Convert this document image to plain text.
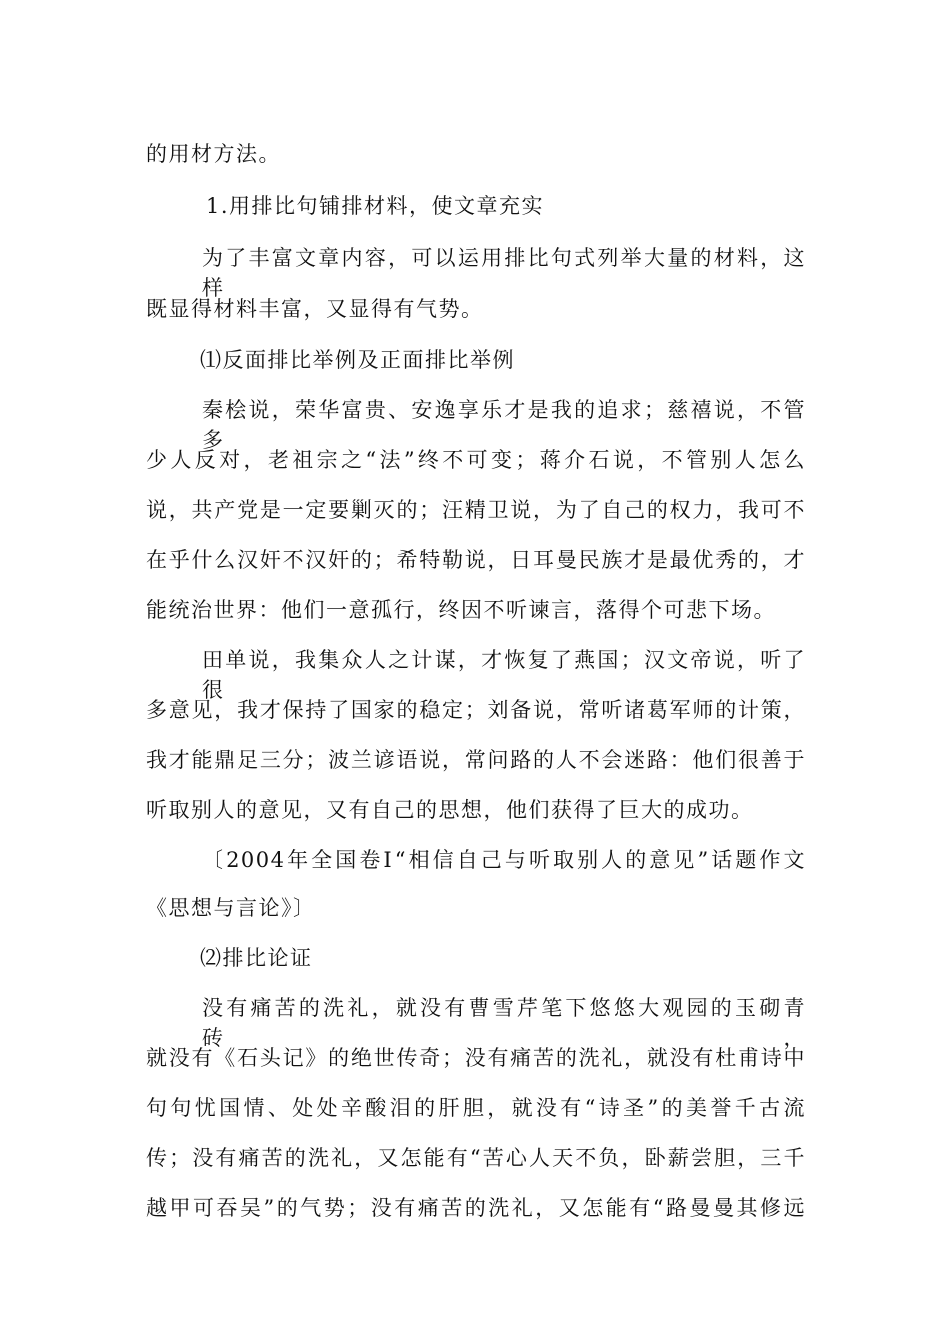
的用材方法。
1.用排比句铺排材料，使文章充实
为了丰富文章内容，可以运用排比句式列举大量的材料，这样
既显得材料丰富，又显得有气势。
⑴反面排比举例及正面排比举例
秦桧说，荣华富贵、安逸享乐才是我的追求；慈禧说，不管多
少人反对，老祖宗之“法”终不可变；蒋介石说，不管别人怎么
说，共产党是一定要剿灭的；汪精卫说，为了自己的权力，我可不
在乎什么汉奸不汉奸的；希特勒说，日耳曼民族才是最优秀的，才
能统治世界：他们一意孤行，终因不听谏言，落得个可悲下场。
田单说，我集众人之计谋，才恢复了燕国；汉文帝说，听了很
多意见，我才保持了国家的稳定；刘备说，常听诸葛军师的计策，
我才能鼎足三分；波兰谚语说，常问路的人不会迷路：他们很善于
听取别人的意见，又有自己的思想，他们获得了巨大的成功。
〔2004年全国卷Ⅰ“相信自己与听取别人的意见”话题作文
《思想与言论》〕
⑵排比论证
没有痛苦的洗礼，就没有曹雪芹笔下悠悠大观园的玉砌青砖，
就没有《石头记》的绝世传奇；没有痛苦的洗礼，就没有杜甫诗中
句句忧国情、处处辛酸泪的肝胆，就没有“诗圣”的美誉千古流
传；没有痛苦的洗礼，又怎能有“苦心人天不负，卧薪尝胆，三千
越甲可吞吴”的气势；没有痛苦的洗礼，又怎能有“路曼曼其修远
